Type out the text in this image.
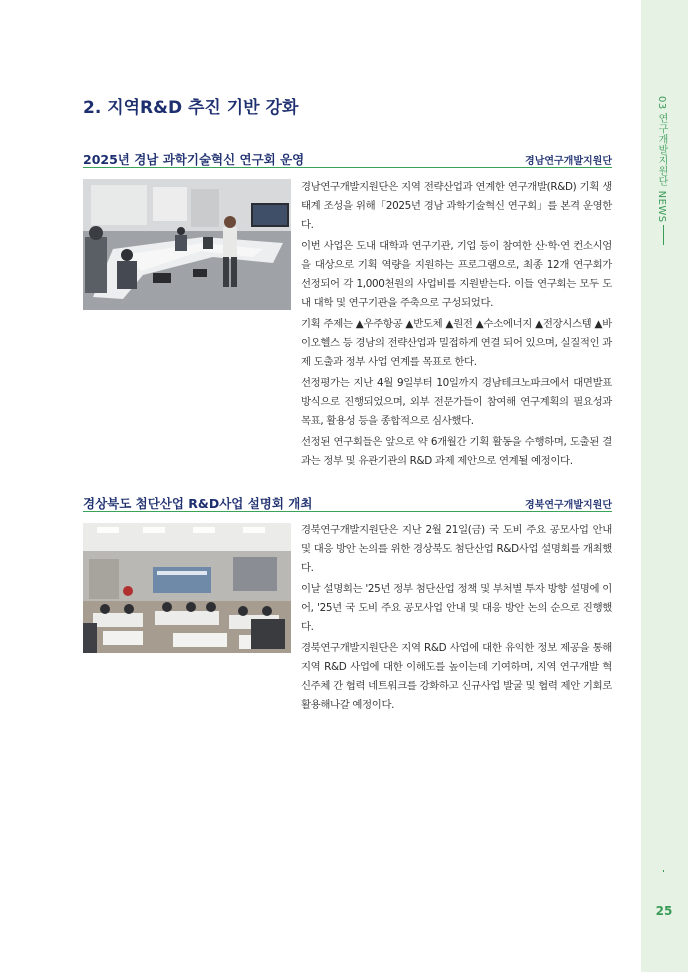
03 연구개발지원단 NEWS
25
2. 지역R&D 추진 기반 강화
2025년 경남 과학기술혁신 연구회 운영	경남연구개발지원단

경남연구개발지원단은 지역 전략산업과 연계한 연구개발(R&D) 기획 생태계 조성을 위해「2025년 경남 과학기술혁신 연구회」를 본격 운영한다.

이번 사업은 도내 대학과 연구기관, 기업 등이 참여한 산·학·연 컨소시엄을 대상으로 기획 역량을 지원하는 프로그램으로, 최종 12개 연구회가 선정되어 각 1,000천원의 사업비를 지원받는다. 이들 연구회는 모두 도내 대학 및 연구기관을 주축으로 구성되었다.

기획 주제는 ▲우주항공 ▲반도체 ▲원전 ▲수소에너지 ▲전장시스템 ▲바이오헬스 등 경남의 전략산업과 밀접하게 연결 되어 있으며, 실질적인 과제 도출과 정부 사업 연계를 목표로 한다.

선정평가는 지난 4월 9일부터 10일까지 경남테크노파크에서 대면발표 방식으로 진행되었으며, 외부 전문가들이 참여해 연구계획의 필요성과 목표, 활용성 등을 종합적으로 심사했다.

선정된 연구회들은 앞으로 약 6개월간 기획 활동을 수행하며, 도출된 결과는 정부 및 유관기관의 R&D 과제 제안으로 연계될 예정이다.

경상북도 첨단산업 R&D사업 설명회 개최	경북연구개발지원단

경북연구개발지원단은 지난 2월 21일(금) 국 도비 주요 공모사업 안내 및 대응 방안 논의를 위한 경상북도 첨단산업 R&D사업 설명회를 개최했다.

이날 설명회는 '25년 정부 첨단산업 정책 및 부처별 투자 방향 설명에 이어, '25년 국 도비 주요 공모사업 안내 및 대응 방안 논의 순으로 진행했다.

경북연구개발지원단은 지역 R&D 사업에 대한 유익한 정보 제공을 통해 지역 R&D 사업에 대한 이해도를 높이는데 기여하며, 지역 연구개발 혁신주체 간 협력 네트워크를 강화하고 신규사업 발굴 및 협력 제안 기회로 활용해나갈 예정이다.
